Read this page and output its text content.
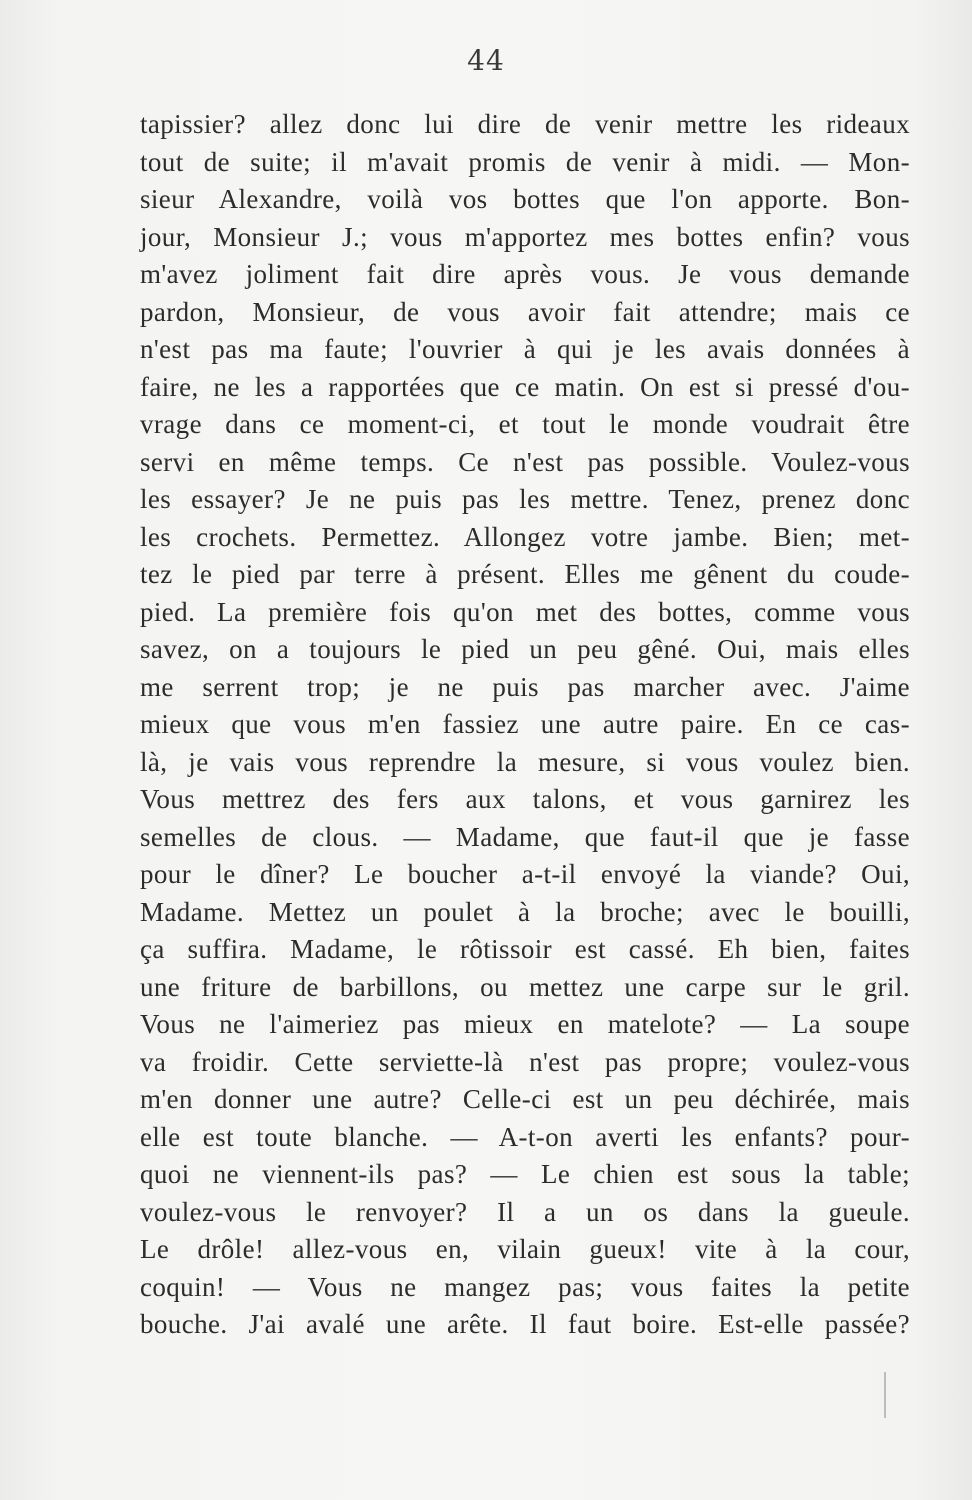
44
tapissier? allez donc lui dire de venir mettre les rideaux
tout de suite; il m'avait promis de venir à midi. — Mon-
sieur Alexandre, voilà vos bottes que l'on apporte. Bon-
jour, Monsieur J.; vous m'apportez mes bottes enfin? vous
m'avez joliment fait dire après vous. Je vous demande
pardon, Monsieur, de vous avoir fait attendre; mais ce
n'est pas ma faute; l'ouvrier à qui je les avais données à
faire, ne les a rapportées que ce matin. On est si pressé d'ou-
vrage dans ce moment-ci, et tout le monde voudrait être
servi en même temps. Ce n'est pas possible. Voulez-vous
les essayer? Je ne puis pas les mettre. Tenez, prenez donc
les crochets. Permettez. Allongez votre jambe. Bien; met-
tez le pied par terre à présent. Elles me gênent du coude-
pied. La première fois qu'on met des bottes, comme vous
savez, on a toujours le pied un peu gêné. Oui, mais elles
me serrent trop; je ne puis pas marcher avec. J'aime
mieux que vous m'en fassiez une autre paire. En ce cas-
là, je vais vous reprendre la mesure, si vous voulez bien.
Vous mettrez des fers aux talons, et vous garnirez les
semelles de clous. — Madame, que faut-il que je fasse
pour le dîner? Le boucher a-t-il envoyé la viande? Oui,
Madame. Mettez un poulet à la broche; avec le bouilli,
ça suffira. Madame, le rôtissoir est cassé. Eh bien, faites
une friture de barbillons, ou mettez une carpe sur le gril.
Vous ne l'aimeriez pas mieux en matelote? — La soupe
va froidir. Cette serviette-là n'est pas propre; voulez-vous
m'en donner une autre? Celle-ci est un peu déchirée, mais
elle est toute blanche. — A-t-on averti les enfants? pour-
quoi ne viennent-ils pas? — Le chien est sous la table;
voulez-vous le renvoyer? Il a un os dans la gueule.
Le drôle! allez-vous en, vilain gueux! vite à la cour,
coquin! — Vous ne mangez pas; vous faites la petite
bouche. J'ai avalé une arête. Il faut boire. Est-elle passée?
